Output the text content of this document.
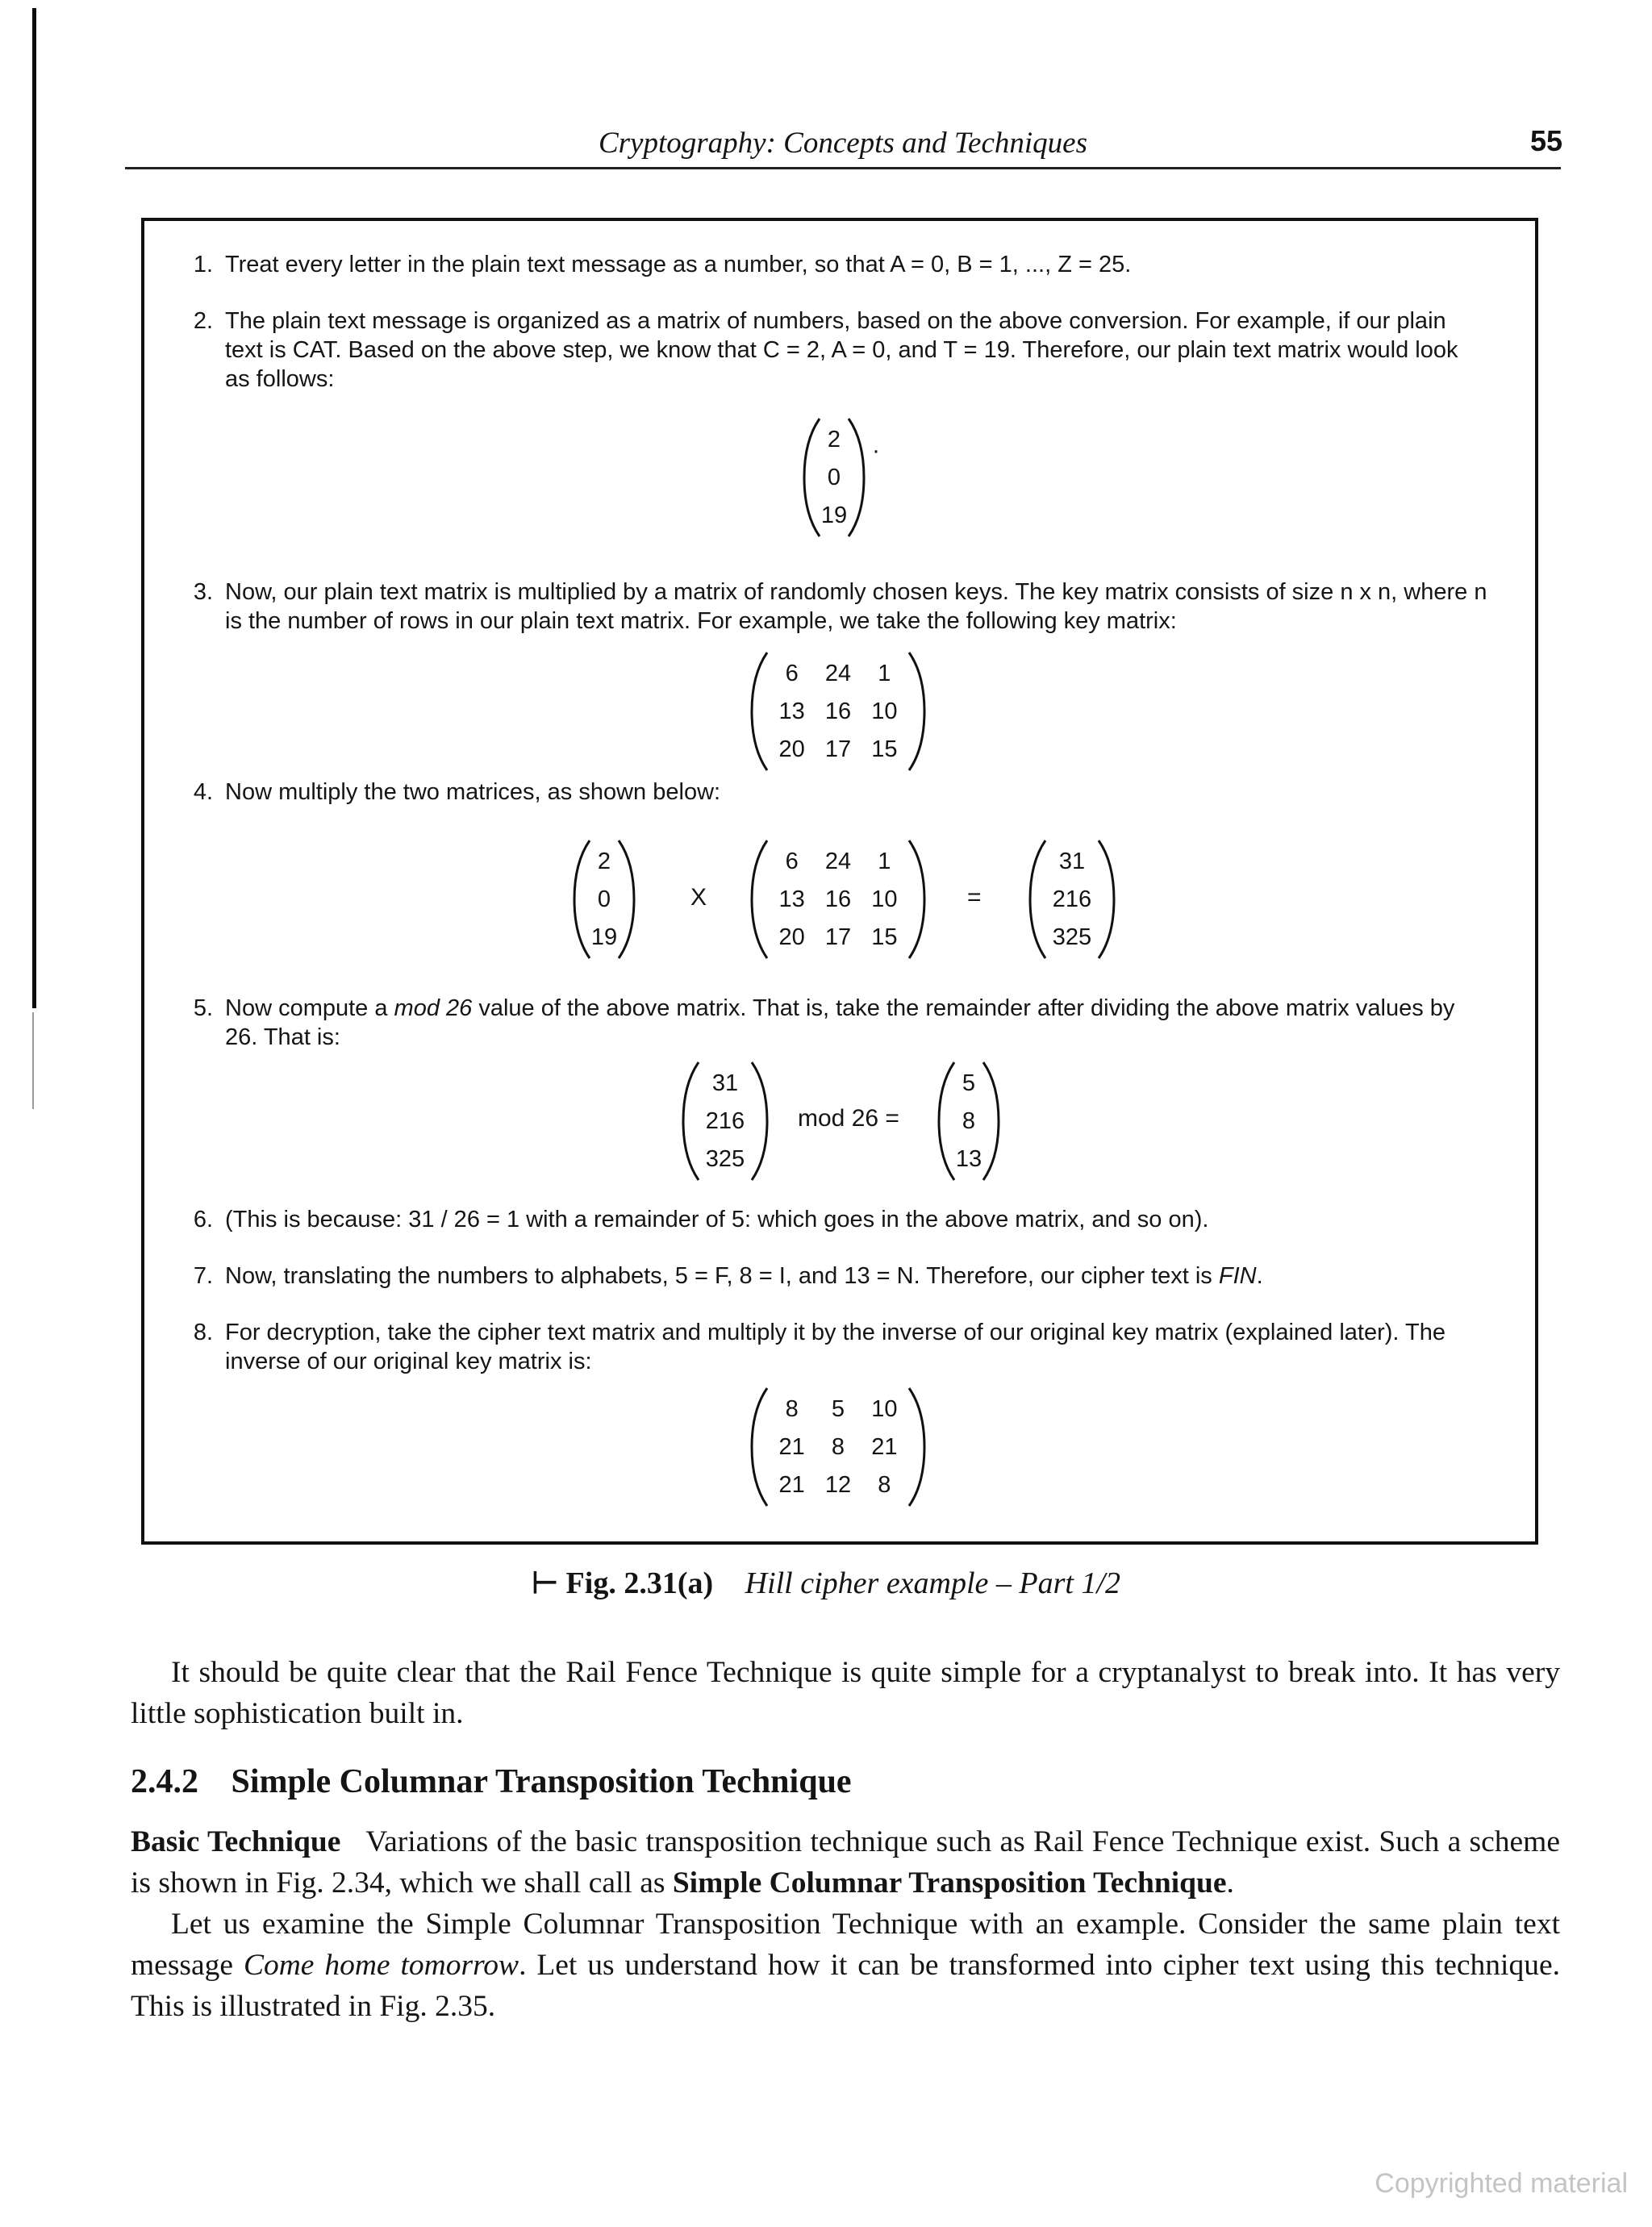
Cryptography: Concepts and Techniques	55
1. Treat every letter in the plain text message as a number, so that A = 0, B = 1, ..., Z = 25.
2. The plain text message is organized as a matrix of numbers, based on the above conversion. For example, if our plain text is CAT. Based on the above step, we know that C = 2, A = 0, and T = 19. Therefore, our plain text matrix would look as follows:
2
0
19
·
3. Now, our plain text matrix is multiplied by a matrix of randomly chosen keys. The key matrix consists of size n x n, where n is the number of rows in our plain text matrix. For example, we take the following key matrix:
6 24 1
13 16 10
20 17 15
4. Now multiply the two matrices, as shown below:
2
0
19
X
6 24 1
13 16 10
20 17 15
=
31
216
325
5. Now compute a mod 26 value of the above matrix. That is, take the remainder after dividing the above matrix values by 26. That is:
31
216
325
mod 26 =
5
8
13
6. (This is because: 31 / 26 = 1 with a remainder of 5: which goes in the above matrix, and so on).
7. Now, translating the numbers to alphabets, 5 = F, 8 = I, and 13 = N. Therefore, our cipher text is FIN.
8. For decryption, take the cipher text matrix and multiply it by the inverse of our original key matrix (explained later). The inverse of our original key matrix is:
8 5 10
21 8 21
21 12 8
⊢ Fig. 2.31(a) Hill cipher example – Part 1/2

It should be quite clear that the Rail Fence Technique is quite simple for a cryptanalyst to break into. It has very little sophistication built in.

2.4.2 Simple Columnar Transposition Technique

Basic Technique Variations of the basic transposition technique such as Rail Fence Technique exist. Such a scheme is shown in Fig. 2.34, which we shall call as Simple Columnar Transposition Technique.

Let us examine the Simple Columnar Transposition Technique with an example. Consider the same plain text message Come home tomorrow. Let us understand how it can be transformed into cipher text using this technique. This is illustrated in Fig. 2.35.

Copyrighted material
